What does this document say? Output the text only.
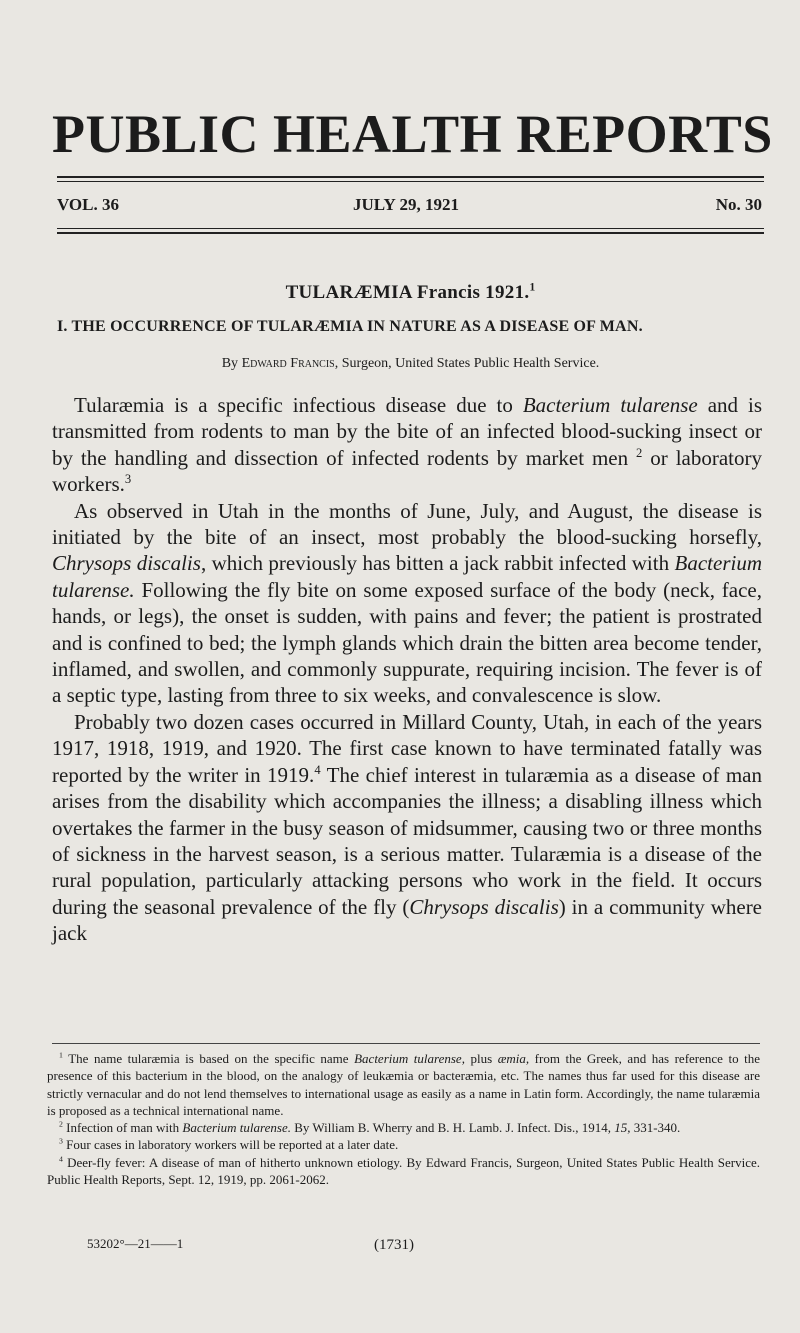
PUBLIC HEALTH REPORTS
VOL. 36	JULY 29, 1921	No. 30
TULARÆMIA Francis 1921.$^1$
I. THE OCCURRENCE OF TULARÆMIA IN NATURE AS A DISEASE OF MAN.
By Edward Francis, Surgeon, United States Public Health Service.

Tularæmia is a specific infectious disease due to Bacterium tularense and is transmitted from rodents to man by the bite of an infected blood-sucking insect or by the handling and dissection of infected rodents by market men $^2$ or laboratory workers.$^3$

As observed in Utah in the months of June, July, and August, the disease is initiated by the bite of an insect, most probably the blood-sucking horsefly, Chrysops discalis, which previously has bitten a jack rabbit infected with Bacterium tularense. Following the fly bite on some exposed surface of the body (neck, face, hands, or legs), the onset is sudden, with pains and fever; the patient is prostrated and is confined to bed; the lymph glands which drain the bitten area become tender, inflamed, and swollen, and commonly suppurate, requiring incision. The fever is of a septic type, lasting from three to six weeks, and convalescence is slow.

Probably two dozen cases occurred in Millard County, Utah, in each of the years 1917, 1918, 1919, and 1920. The first case known to have terminated fatally was reported by the writer in 1919.$^4$ The chief interest in tularæmia as a disease of man arises from the disability which accompanies the illness; a disabling illness which overtakes the farmer in the busy season of midsummer, causing two or three months of sickness in the harvest season, is a serious matter. Tularæmia is a disease of the rural population, particularly attacking persons who work in the field. It occurs during the seasonal prevalence of the fly (Chrysops discalis) in a community where jack

$^1$ The name tularæmia is based on the specific name Bacterium tularense, plus æmia, from the Greek, and has reference to the presence of this bacterium in the blood, on the analogy of leukæmia or bacteræmia, etc. The names thus far used for this disease are strictly vernacular and do not lend themselves to international usage as easily as a name in Latin form. Accordingly, the name tularæmia is proposed as a technical international name.

$^2$ Infection of man with Bacterium tularense. By William B. Wherry and B. H. Lamb. J. Infect. Dis., 1914, 15, 331-340.

$^3$ Four cases in laboratory workers will be reported at a later date.

$^4$ Deer-fly fever: A disease of man of hitherto unknown etiology. By Edward Francis, Surgeon, United States Public Health Service. Public Health Reports, Sept. 12, 1919, pp. 2061-2062.

53202°—21——1	(1731)
